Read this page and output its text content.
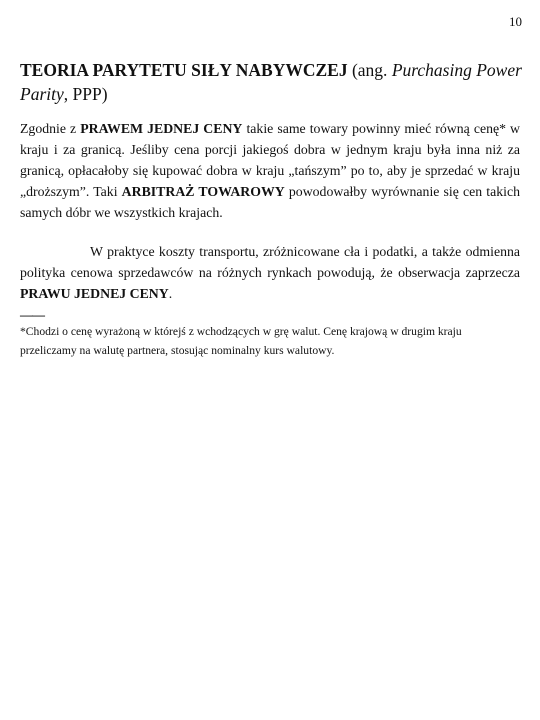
10
TEORIA PARYTETU SIŁY NABYWCZEJ (ang. Purchasing Power Parity, PPP)
Zgodnie z PRAWEM JEDNEJ CENY takie same towary powinny mieć równą cenę* w kraju i za granicą. Jeśliby cena porcji jakiegoś dobra w jednym kraju była inna niż za granicą, opłacałoby się kupować dobra w kraju „tańszym” po to, aby je sprzedać w kraju „droższym”. Taki ARBITRAŻ TOWAROWY powodowałby wyrównanie się cen takich samych dóbr we wszystkich krajach.
W praktyce koszty transportu, zróżnicowane cła i podatki, a także odmienna polityka cenowa sprzedawców na różnych rynkach powodują, że obserwacja zaprzecza PRAWU JEDNEJ CENY.
——
*Chodzi o cenę wyrażoną w którejś z wchodzących w grę walut. Cenę krajową w drugim kraju przeliczamy na walutę partnera, stosując nominalny kurs walutowy.
